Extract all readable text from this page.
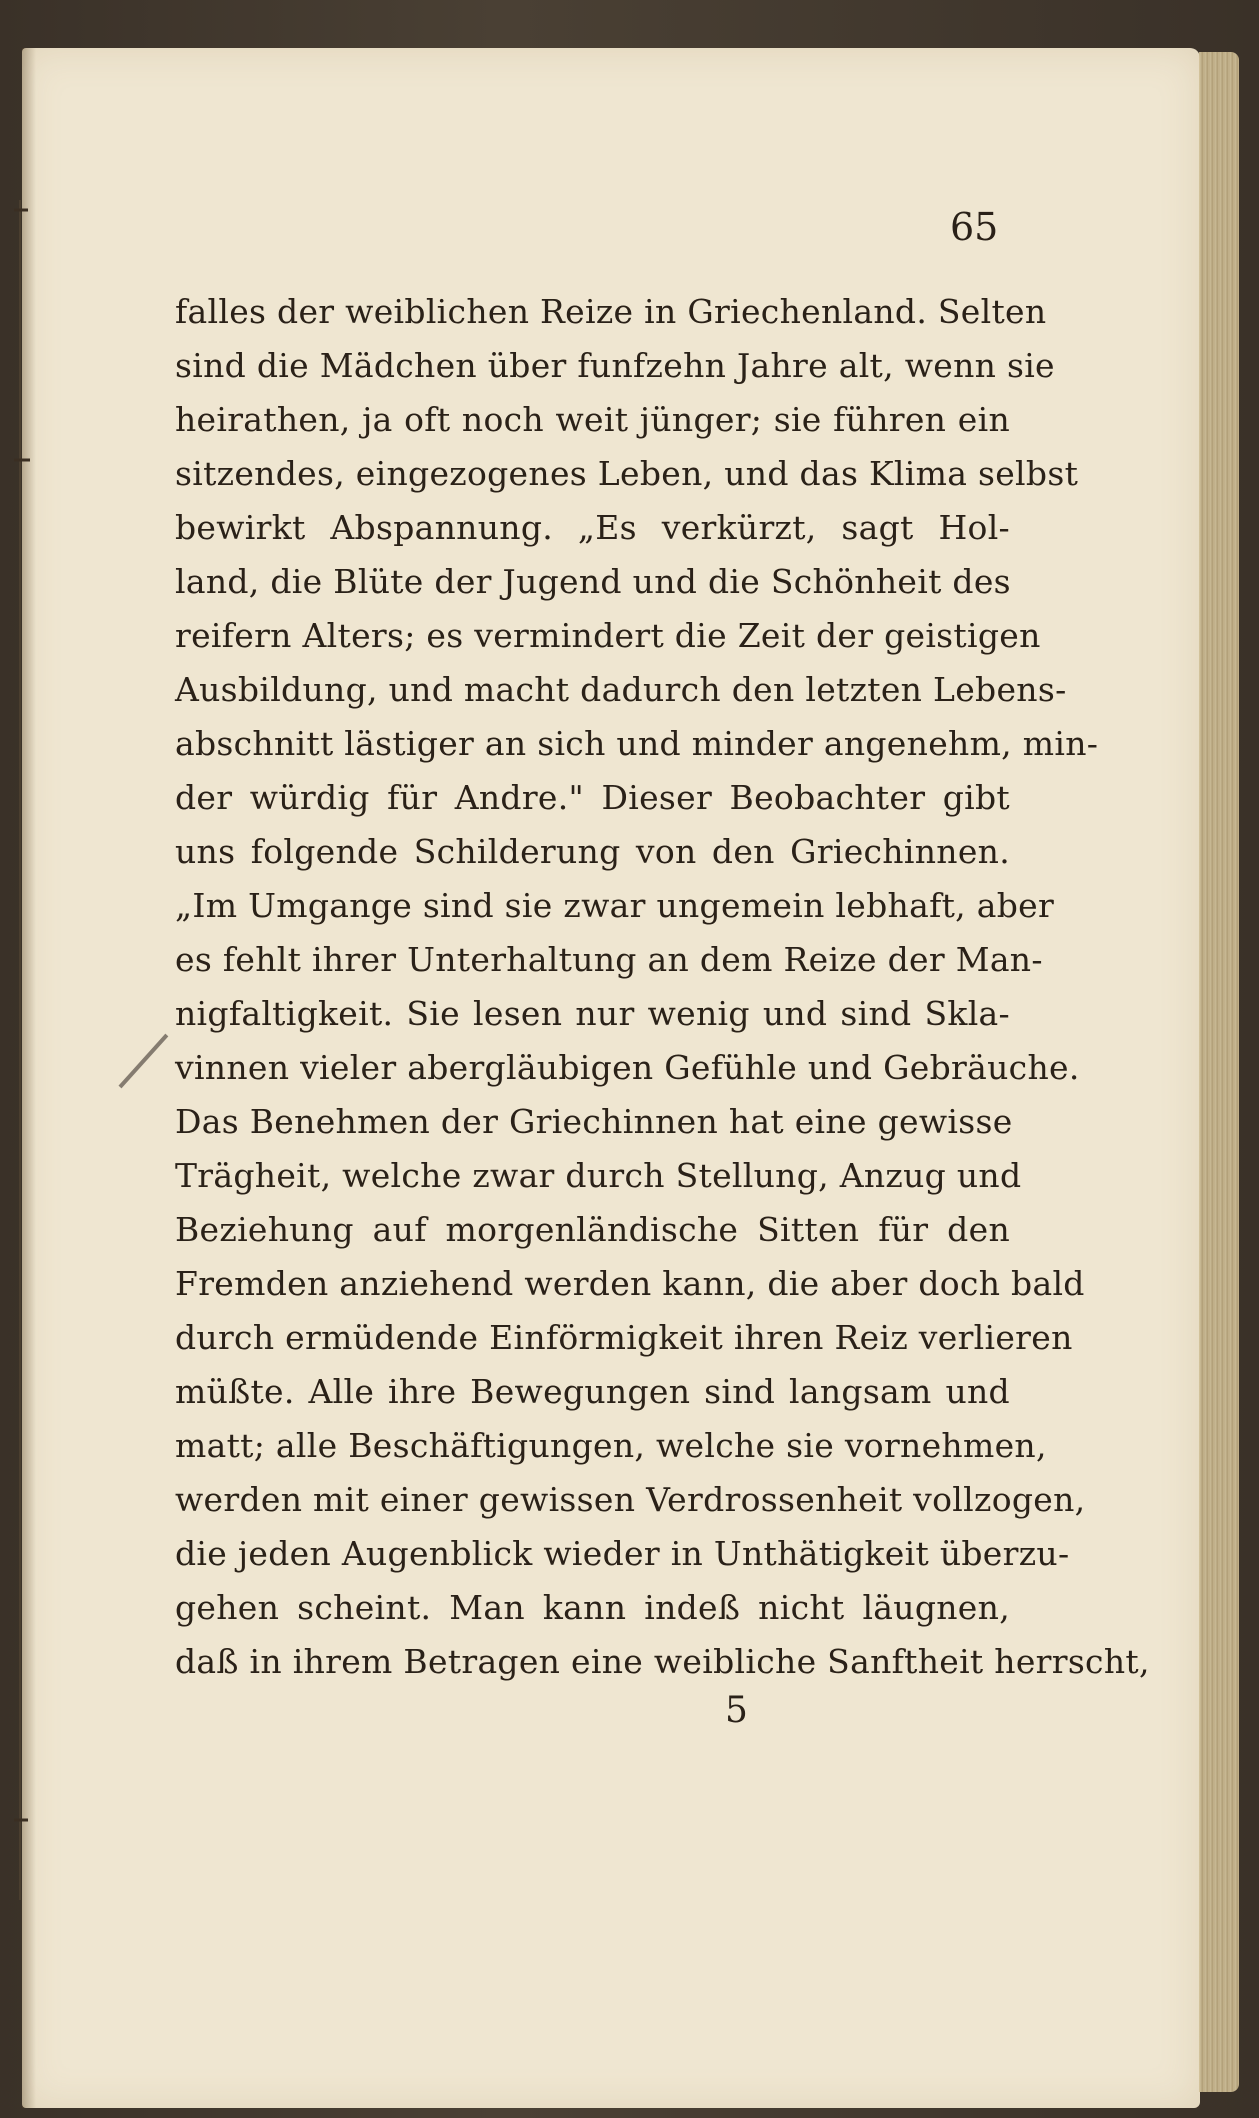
65
falles der weiblichen Reize in Griechenland. Selten
sind die Mädchen über funfzehn Jahre alt, wenn sie
heirathen, ja oft noch weit jünger; sie führen ein
sitzendes, eingezogenes Leben, und das Klima selbst
bewirkt Abspannung. „Es verkürzt, sagt Hol-
land, die Blüte der Jugend und die Schönheit des
reifern Alters; es vermindert die Zeit der geistigen
Ausbildung, und macht dadurch den letzten Lebens-
abschnitt lästiger an sich und minder angenehm, min-
der würdig für Andre." Dieser Beobachter gibt
uns folgende Schilderung von den Griechinnen.
„Im Umgange sind sie zwar ungemein lebhaft, aber
es fehlt ihrer Unterhaltung an dem Reize der Man-
nigfaltigkeit. Sie lesen nur wenig und sind Skla-
vinnen vieler abergläubigen Gefühle und Gebräuche.
Das Benehmen der Griechinnen hat eine gewisse
Trägheit, welche zwar durch Stellung, Anzug und
Beziehung auf morgenländische Sitten für den
Fremden anziehend werden kann, die aber doch bald
durch ermüdende Einförmigkeit ihren Reiz verlieren
müßte. Alle ihre Bewegungen sind langsam und
matt; alle Beschäftigungen, welche sie vornehmen,
werden mit einer gewissen Verdrossenheit vollzogen,
die jeden Augenblick wieder in Unthätigkeit überzu-
gehen scheint. Man kann indeß nicht läugnen,
daß in ihrem Betragen eine weibliche Sanftheit herrscht,
5
